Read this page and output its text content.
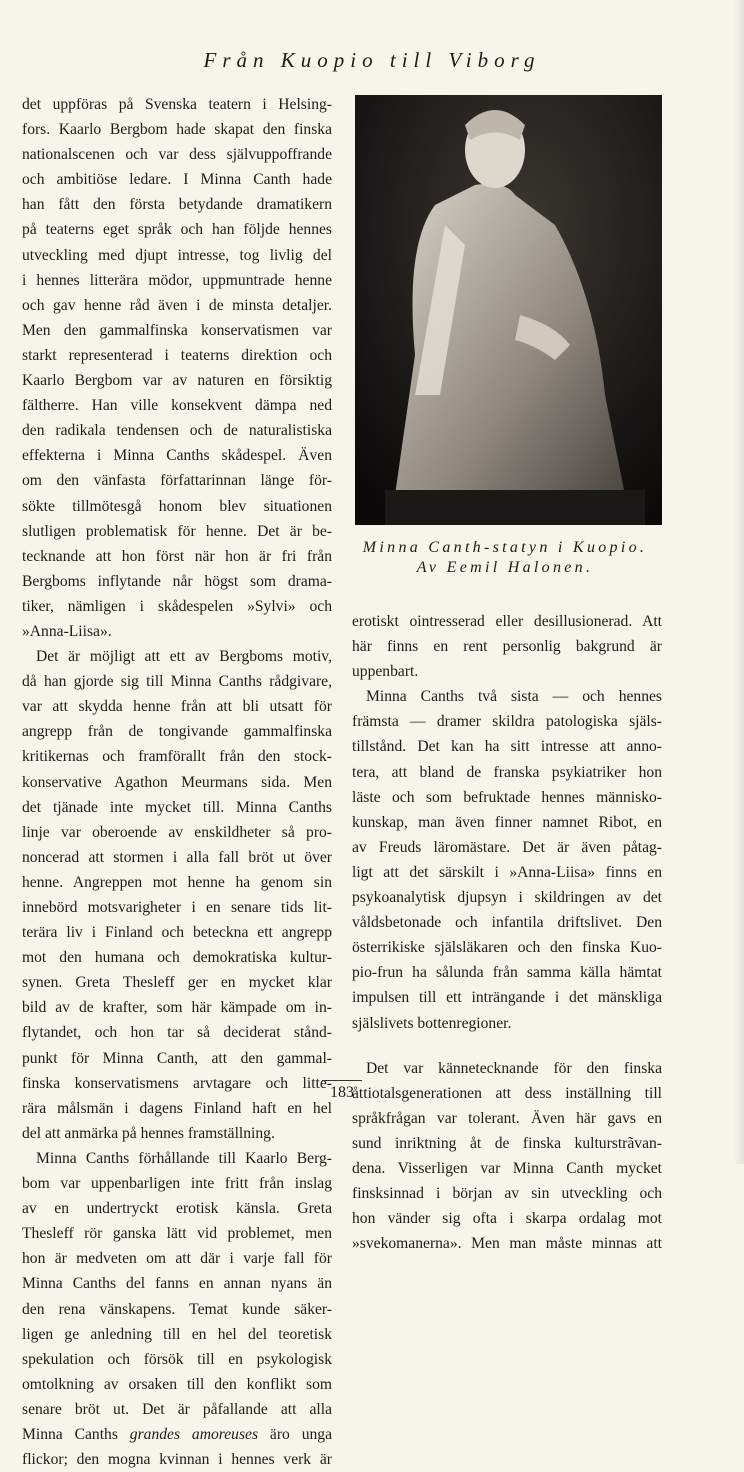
Från Kuopio till Viborg
det uppföras på Svenska teatern i Helsing-
fors. Kaarlo Bergbom hade skapat den finska
nationalscenen och var dess självuppoffrande
och ambitiöse ledare. I Minna Canth hade
han fått den första betydande dramatikern
på teaterns eget språk och han följde hennes
utveckling med djupt intresse, tog livlig del
i hennes litterära mödor, uppmuntrade henne
och gav henne råd även i de minsta detaljer.
Men den gammalfinska konservatismen var
starkt representerad i teaterns direktion och
Kaarlo Bergbom var av naturen en försiktig
fältherre. Han ville konsekvent dämpa ned
den radikala tendensen och de naturalistiska
effekterna i Minna Canths skådespel. Även
om den vänfasta författarinnan länge för-
sökte tillmötesgå honom blev situationen
slutligen problematisk för henne. Det är be-
tecknande att hon först när hon är fri från
Bergboms inflytande når högst som drama-
tiker, nämligen i skådespelen »Sylvi» och
»Anna-Liisa».
Det är möjligt att ett av Bergboms motiv,
då han gjorde sig till Minna Canths rådgivare,
var att skydda henne från att bli utsatt för
angrepp från de tongivande gammalfinska
kritikernas och framförallt från den stock-
konservative Agathon Meurmans sida. Men
det tjänade inte mycket till. Minna Canths
linje var oberoende av enskildheter så pro-
noncerad att stormen i alla fall bröt ut över
henne. Angreppen mot henne ha genom sin
innebörd motsvarigheter i en senare tids lit-
terära liv i Finland och beteckna ett angrepp
mot den humana och demokratiska kultur-
synen. Greta Thesleff ger en mycket klar
bild av de krafter, som här kämpade om in-
flytandet, och hon tar så deciderat stånd-
punkt för Minna Canth, att den gammal-
finska konservatismens arvtagare och litte-
rära målsmän i dagens Finland haft en hel
del att anmärka på hennes framställning.
Minna Canths förhållande till Kaarlo Berg-
bom var uppenbarligen inte fritt från inslag
av en undertryckt erotisk känsla. Greta
Thesleff rör ganska lätt vid problemet, men
hon är medveten om att där i varje fall för
Minna Canths del fanns en annan nyans än
den rena vänskapens. Temat kunde säker-
ligen ge anledning till en hel del teoretisk
spekulation och försök till en psykologisk
omtolkning av orsaken till den konflikt som
senare bröt ut. Det är påfallande att alla
Minna Canths grandes amoreuses äro unga
flickor; den mogna kvinnan i hennes verk är
Minna Canth-statyn i Kuopio.
Av Eemil Halonen.
erotiskt ointresserad eller desillusionerad. Att
här finns en rent personlig bakgrund är
uppenbart.
Minna Canths två sista — och hennes
främsta — dramer skildra patologiska själs-
tillstånd. Det kan ha sitt intresse att anno-
tera, att bland de franska psykiatriker hon
läste och som befruktade hennes människo-
kunskap, man även finner namnet Ribot, en
av Freuds läromästare. Det är även påtag-
ligt att det särskilt i »Anna-Liisa» finns en
psykoanalytisk djupsyn i skildringen av det
våldsbetonade och infantila driftslivet. Den
österrikiske själsläkaren och den finska Kuo-
pio-frun ha sålunda från samma källa hämtat
impulsen till ett inträngande i det mänskliga
själslivets bottenregioner.
Det var kännetecknande för den finska
åttiotalsgenerationen att dess inställning till
språkfrågan var tolerant. Även här gavs en
sund inriktning åt de finska kulturstrãvan-
dena. Visserligen var Minna Canth mycket
finsksinnad i början av sin utveckling och
hon vänder sig ofta i skarpa ordalag mot
»svekomanerna». Men man måste minnas att
183
